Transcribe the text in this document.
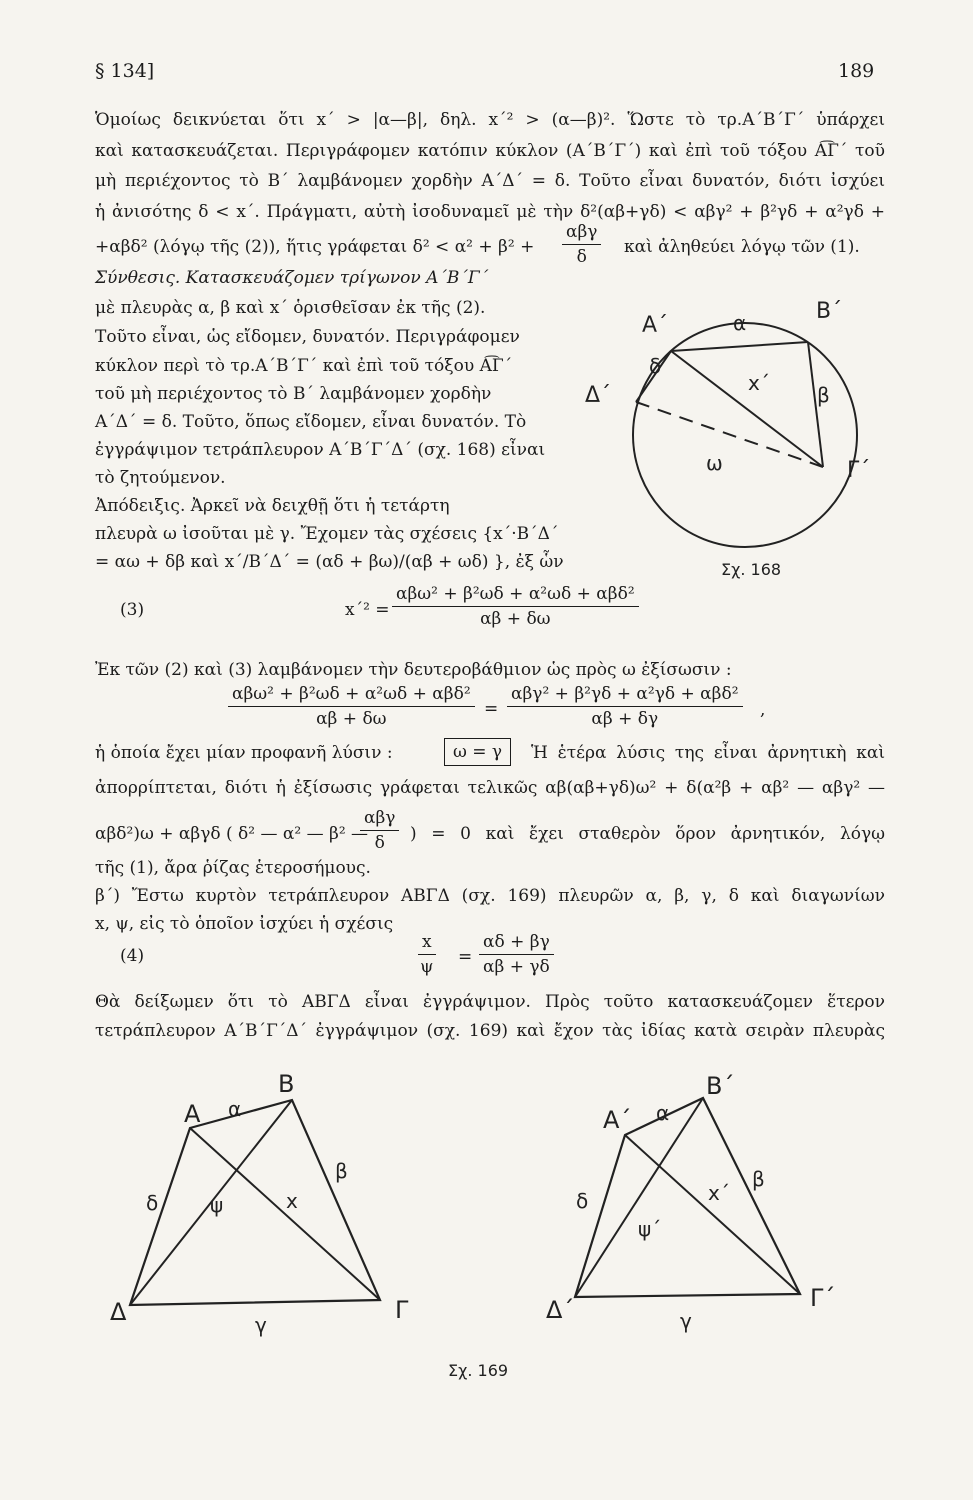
§ 134]	189
Ὁμοίως δεικνύεται ὅτι x΄ > |α—β|, δηλ. x΄² > (α—β)². Ὥστε τὸ τρ.Α΄Β΄Γ΄ ὑπάρχει
καὶ κατασκευάζεται. Περιγράφομεν κατόπιν κύκλον (Α΄Β΄Γ΄) καὶ ἐπὶ τοῦ τόξου Α͡Γ΄ τοῦ
μὴ περιέχοντος τὸ Β΄ λαμβάνομεν χορδὴν Α΄Δ΄ = δ. Τοῦτο εἶναι δυνατόν, διότι ἰσχύει
ἡ ἀνισότης δ < x΄. Πράγματι, αὐτὴ ἰσοδυναμεῖ μὲ τὴν δ²(αβ+γδ) < αβγ² + β²γδ + α²γδ +
+αβδ² (λόγῳ τῆς (2)), ἥτις γράφεται δ² < α² + β² +
αβγ
δ	καὶ ἀληθεύει λόγῳ τῶν (1).
Σύνθεσις. Κατασκευάζομεν τρίγωνον Α΄Β΄Γ΄
μὲ πλευρὰς α, β καὶ x΄ ὁρισθεῖσαν ἐκ τῆς (2).
Τοῦτο εἶναι, ὡς εἴδομεν, δυνατόν. Περιγράφομεν
κύκλον περὶ τὸ τρ.Α΄Β΄Γ΄ καὶ ἐπὶ τοῦ τόξου Α͡Γ΄
τοῦ μὴ περιέχοντος τὸ Β΄ λαμβάνομεν χορδὴν
Α΄Δ΄ = δ. Τοῦτο, ὅπως εἴδομεν, εἶναι δυνατόν. Τὸ
ἐγγράψιμον τετράπλευρον Α΄Β΄Γ΄Δ΄ (σχ. 168) εἶναι
τὸ ζητούμενον.
Ἀπόδειξις. Ἀρκεῖ νὰ δειχθῇ ὅτι ἡ τετάρτη
πλευρὰ ω ἰσοῦται μὲ γ. Ἔχομεν τὰς σχέσεις {x΄·Β΄Δ΄
= αω + δβ καὶ x΄/Β΄Δ΄ = (αδ + βω)/(αβ + ωδ) }, ἐξ ὧν
Α΄
Β΄
Γ΄
Δ΄
α
β
x΄
δ
ω
Σχ. 168
(3)	x΄² =
αβω² + β²ωδ + α²ωδ + αβδ²
αβ + δω
Ἐκ τῶν (2) καὶ (3) λαμβάνομεν τὴν δευτεροβάθμιον ὡς πρὸς ω ἐξίσωσιν :
αβω² + β²ωδ + α²ωδ + αβδ²
αβ + δω	=
αβγ² + β²γδ + α²γδ + αβδ²
αβ + δγ	,
ἡ ὁποία ἔχει μίαν προφανῆ λύσιν :	ω = γ	Ἡ ἑτέρα λύσις της εἶναι ἀρνητικὴ καὶ
ἀπορρίπτεται, διότι ἡ ἐξίσωσις γράφεται τελικῶς αβ(αβ+γδ)ω² + δ(α²β + αβ² — αβγ² —
αβδ²)ω + αβγδ ( δ² — α² — β² —
αβγ
δ	) = 0 καὶ ἔχει σταθερὸν ὅρον ἀρνητικόν, λόγῳ
τῆς (1), ἄρα ῥίζας ἑτεροσήμους.
β΄) Ἔστω κυρτὸν τετράπλευρον ΑΒΓΔ (σχ. 169) πλευρῶν α, β, γ, δ καὶ διαγωνίων
x, ψ, εἰς τὸ ὁποῖον ἰσχύει ἡ σχέσις
(4)	$\frac{x}{\psi} = \frac{\alpha\delta + \beta\gamma}{\alpha\beta + \gamma\delta}$
Θὰ δείξωμεν ὅτι τὸ ΑΒΓΔ εἶναι ἐγγράψιμον. Πρὸς τοῦτο κατασκευάζομεν ἕτερον
τετράπλευρον Α΄Β΄Γ΄Δ΄ ἐγγράψιμον (σχ. 169) καὶ ἔχον τὰς ἰδίας κατὰ σειρὰν πλευρὰς
Α
Β
Γ
Δ
α
β
γ
δ	x
ψ
Α΄
Β΄
Γ΄
Δ΄
α
β
γ
δ	x΄
ψ΄
Σχ. 169
